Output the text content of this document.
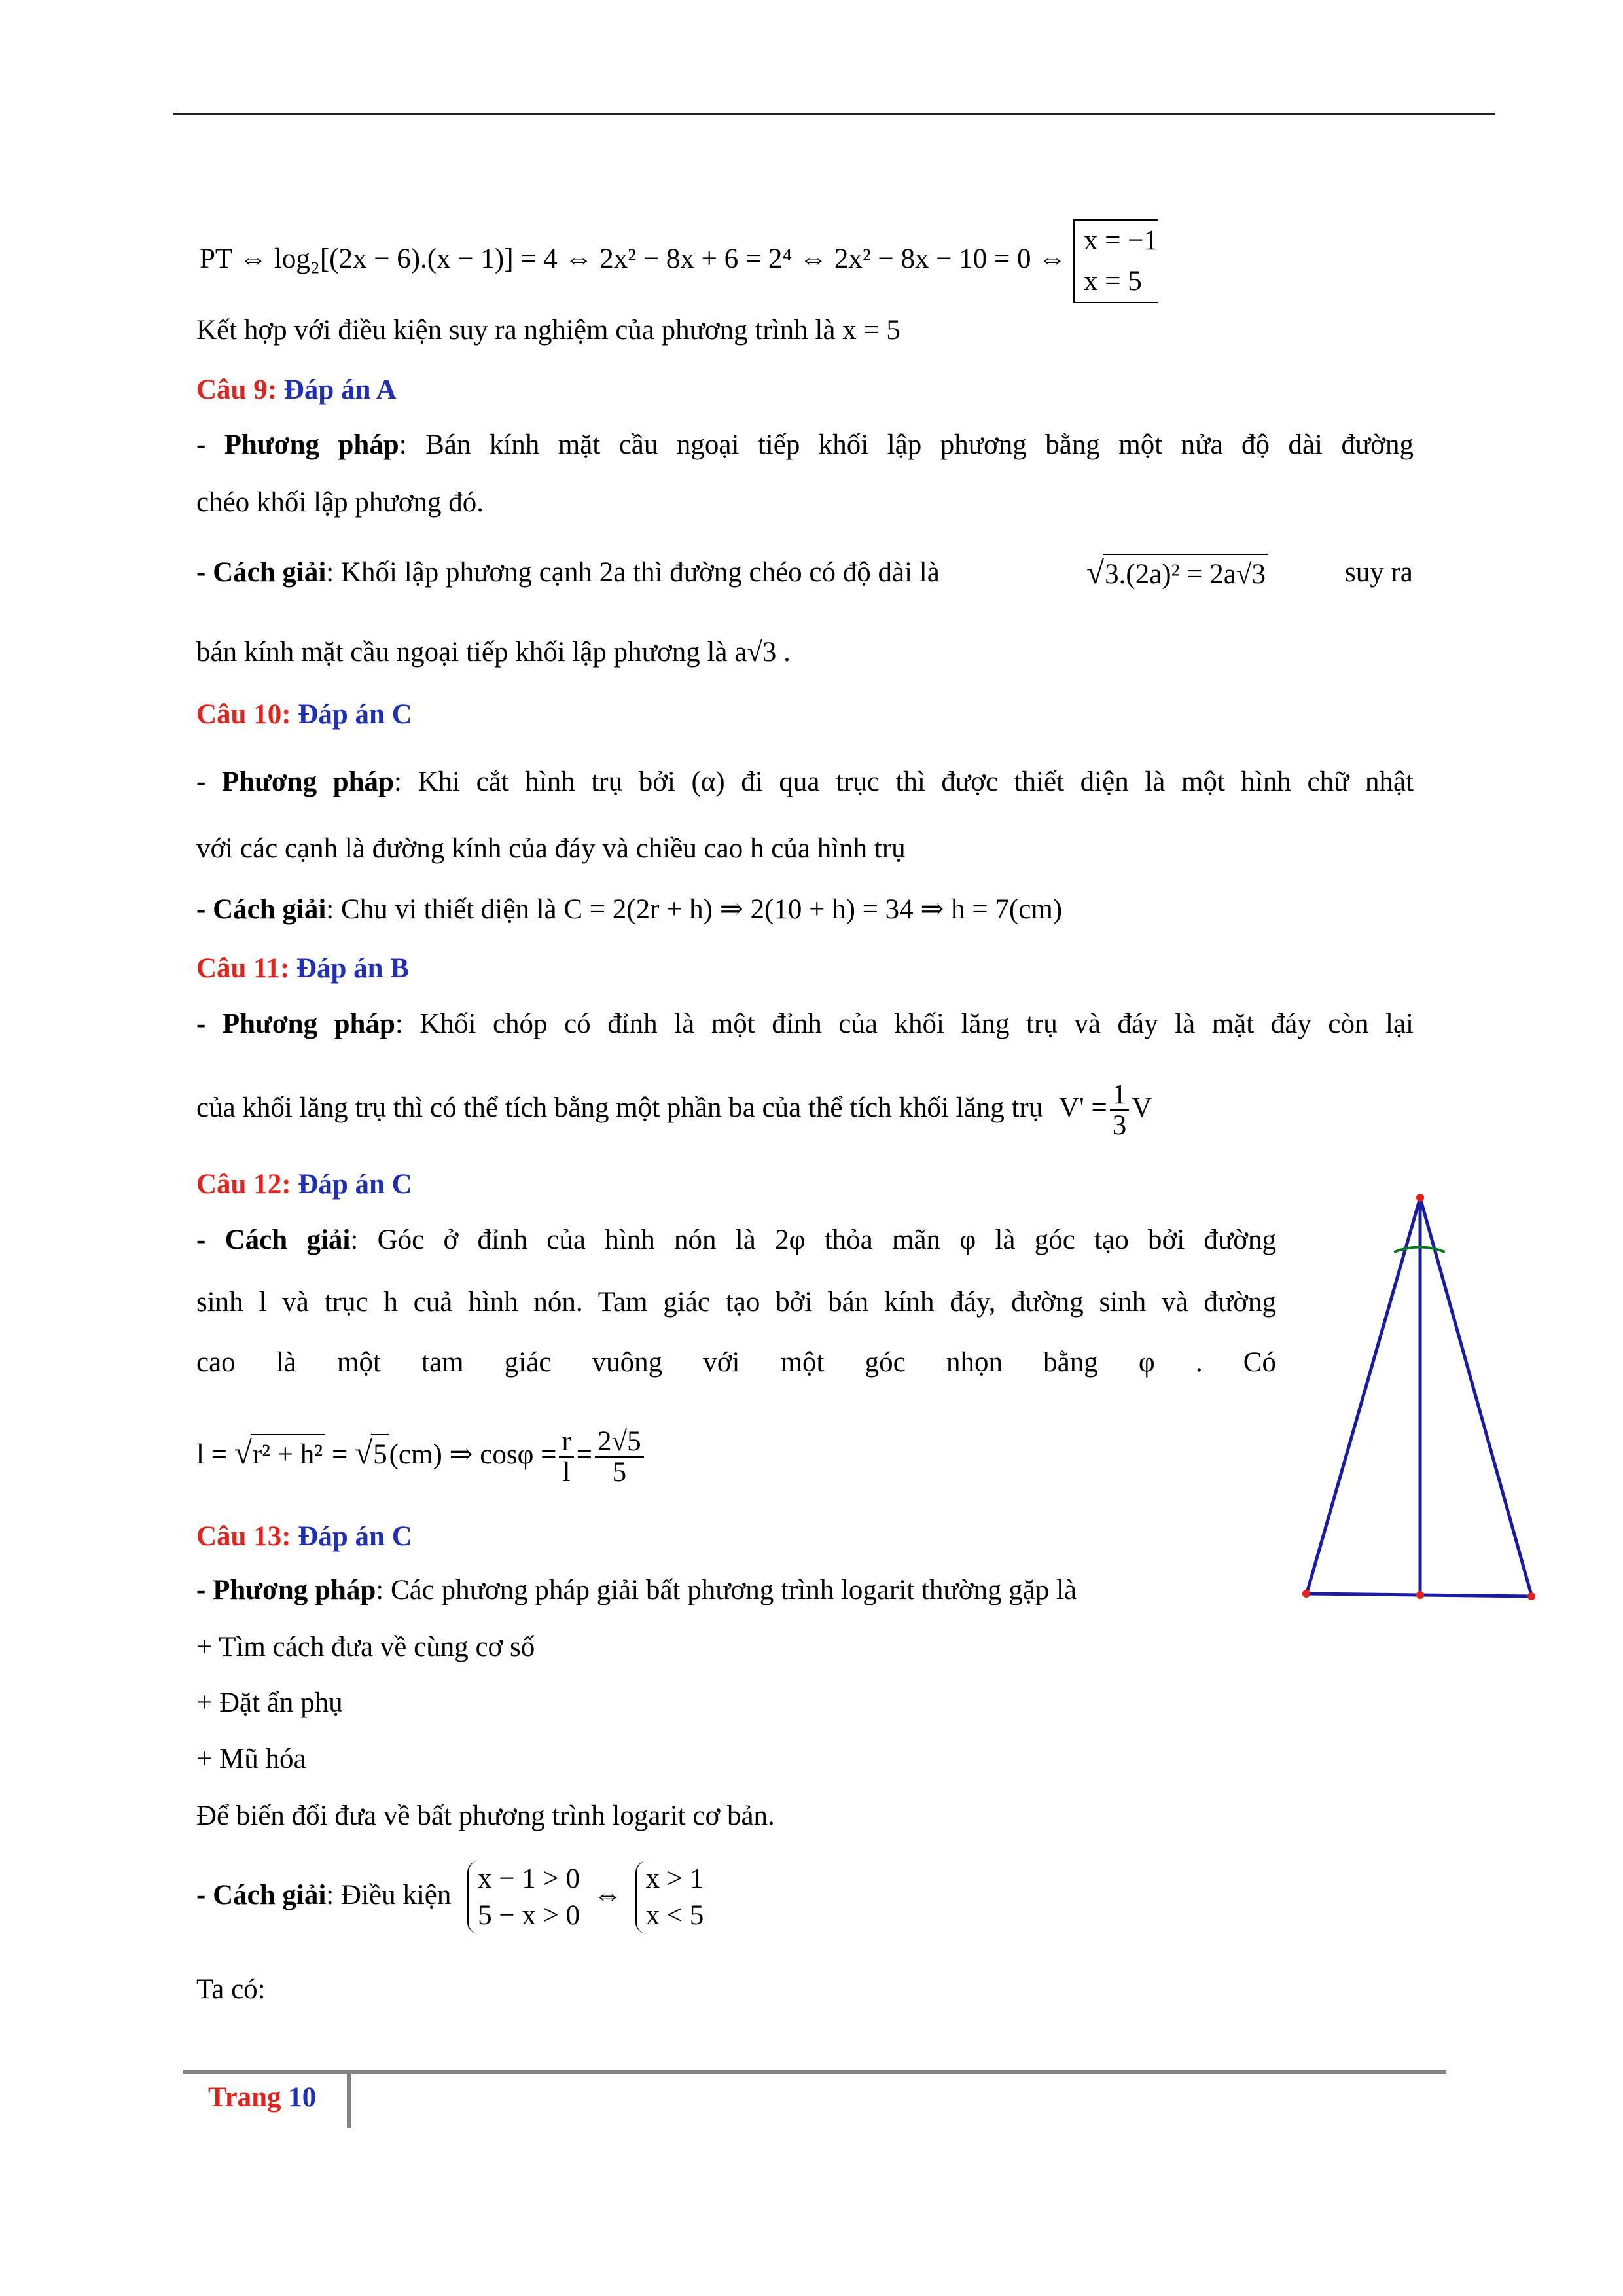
PT ⇔ log₂[(2x − 6).(x − 1)] = 4 ⇔ 2x² − 8x + 6 = 2⁴ ⇔ 2x² − 8x − 10 = 0 ⇔
x = −1
x = 5
Kết hợp với điều kiện suy ra nghiệm của phương trình là x = 5
Câu 9: Đáp án A
- Phương pháp: Bán kính mặt cầu ngoại tiếp khối lập phương bằng một nửa độ dài đường
chéo khối lập phương đó.
- Cách giải: Khối lập phương cạnh 2a thì đường chéo có độ dài là	√3.(2a)² = 2a√3	suy ra
bán kính mặt cầu ngoại tiếp khối lập phương là a√3 .
Câu 10: Đáp án C
- Phương pháp: Khi cắt hình trụ bởi (α) đi qua trục thì được thiết diện là một hình chữ nhật
với các cạnh là đường kính của đáy và chiều cao h của hình trụ
- Cách giải: Chu vi thiết diện là C = 2(2r + h) ⇒ 2(10 + h) = 34 ⇒ h = 7(cm)
Câu 11: Đáp án B
- Phương pháp: Khối chóp có đỉnh là một đỉnh của khối lăng trụ và đáy là mặt đáy còn lại
của khối lăng trụ thì có thể tích bằng một phần ba của thể tích khối lăng trụ $V' = \frac{1}{3}$ V
Câu 12: Đáp án C
- Cách giải: Góc ở đỉnh của hình nón là 2φ thỏa mãn φ là góc tạo bởi đường
sinh l và trục h cuả hình nón. Tam giác tạo bởi bán kính đáy, đường sinh và đường
cao là một tam giác vuông với một góc nhọn bằng φ . Có
l = √r² + h² = √5(cm) ⇒ $\cos\varphi = \frac{r}{l} = \frac{2√5}{5}$
Câu 13: Đáp án C
- Phương pháp: Các phương pháp giải bất phương trình logarit thường gặp là
+ Tìm cách đưa về cùng cơ số
+ Đặt ẩn phụ
+ Mũ hóa
Để biến đổi đưa về bất phương trình logarit cơ bản.
- Cách giải: Điều kiện
x − 1 > 0
5 − x > 0
⇔
x > 1
x < 5
Ta có:
Trang 10
